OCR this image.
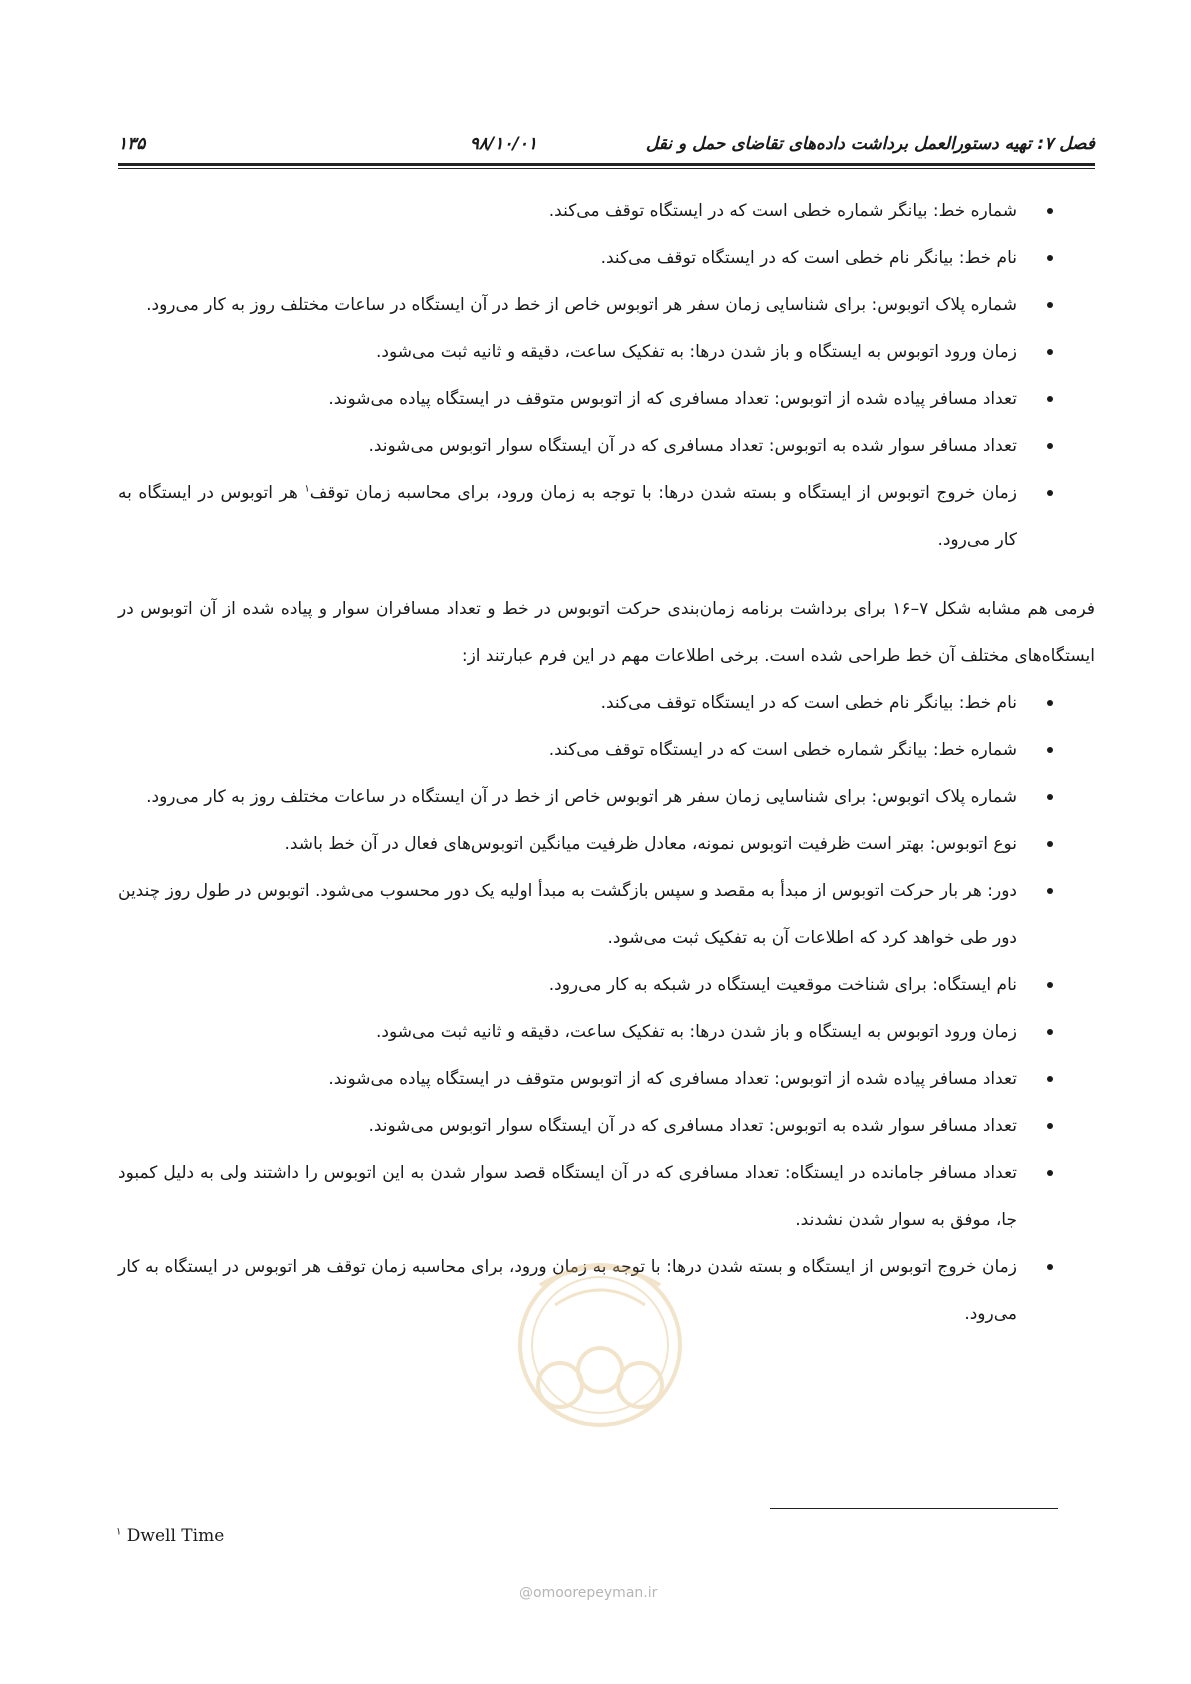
فصل ۷: تهیه دستورالعمل برداشت داده‌های تقاضای حمل و نقل
۹۸/۱۰/۰۱
۱۳۵
شماره خط: بیانگر شماره خطی است که در ایستگاه توقف می‌کند.
نام خط: بیانگر نام خطی است که در ایستگاه توقف می‌کند.
شماره پلاک اتوبوس: برای شناسایی زمان سفر هر اتوبوس خاص از خط در آن ایستگاه در ساعات مختلف روز به کار می‌رود.
زمان ورود اتوبوس به ایستگاه و باز شدن درها: به تفکیک ساعت، دقیقه و ثانیه ثبت می‌شود.
تعداد مسافر پیاده شده از اتوبوس: تعداد مسافری که از اتوبوس متوقف در ایستگاه پیاده می‌شوند.
تعداد مسافر سوار شده به اتوبوس: تعداد مسافری که در آن ایستگاه سوار اتوبوس می‌شوند.
زمان خروج اتوبوس از ایستگاه و بسته شدن درها: با توجه به زمان ورود، برای محاسبه زمان توقف$^۱$ هر اتوبوس در ایستگاه به کار می‌رود.

فرمی هم مشابه شکل ۷–۱۶ برای برداشت برنامه زمان‌بندی حرکت اتوبوس در خط و تعداد مسافران سوار و پیاده شده از آن اتوبوس در ایستگاه‌های مختلف آن خط طراحی شده است. برخی اطلاعات مهم در این فرم عبارتند از:

نام خط: بیانگر نام خطی است که در ایستگاه توقف می‌کند.
شماره خط: بیانگر شماره خطی است که در ایستگاه توقف می‌کند.
شماره پلاک اتوبوس: برای شناسایی زمان سفر هر اتوبوس خاص از خط در آن ایستگاه در ساعات مختلف روز به کار می‌رود.
نوع اتوبوس: بهتر است ظرفیت اتوبوس نمونه، معادل ظرفیت میانگین اتوبوس‌های فعال در آن خط باشد.
دور: هر بار حرکت اتوبوس از مبدأ به مقصد و سپس بازگشت به مبدأ اولیه یک دور محسوب می‌شود. اتوبوس در طول روز چندین دور طی خواهد کرد که اطلاعات آن به تفکیک ثبت می‌شود.
نام ایستگاه: برای شناخت موقعیت ایستگاه در شبکه به کار می‌رود.
زمان ورود اتوبوس به ایستگاه و باز شدن درها: به تفکیک ساعت، دقیقه و ثانیه ثبت می‌شود.
تعداد مسافر پیاده شده از اتوبوس: تعداد مسافری که از اتوبوس متوقف در ایستگاه پیاده می‌شوند.
تعداد مسافر سوار شده به اتوبوس: تعداد مسافری که در آن ایستگاه سوار اتوبوس می‌شوند.
تعداد مسافر جامانده در ایستگاه: تعداد مسافری که در آن ایستگاه قصد سوار شدن به این اتوبوس را داشتند ولی به دلیل کمبود جا، موفق به سوار شدن نشدند.
زمان خروج اتوبوس از ایستگاه و بسته شدن درها: با توجه به زمان ورود، برای محاسبه زمان توقف هر اتوبوس در ایستگاه به کار می‌رود.
$^۱$ Dwell Time
@omoorepeyman.ir
